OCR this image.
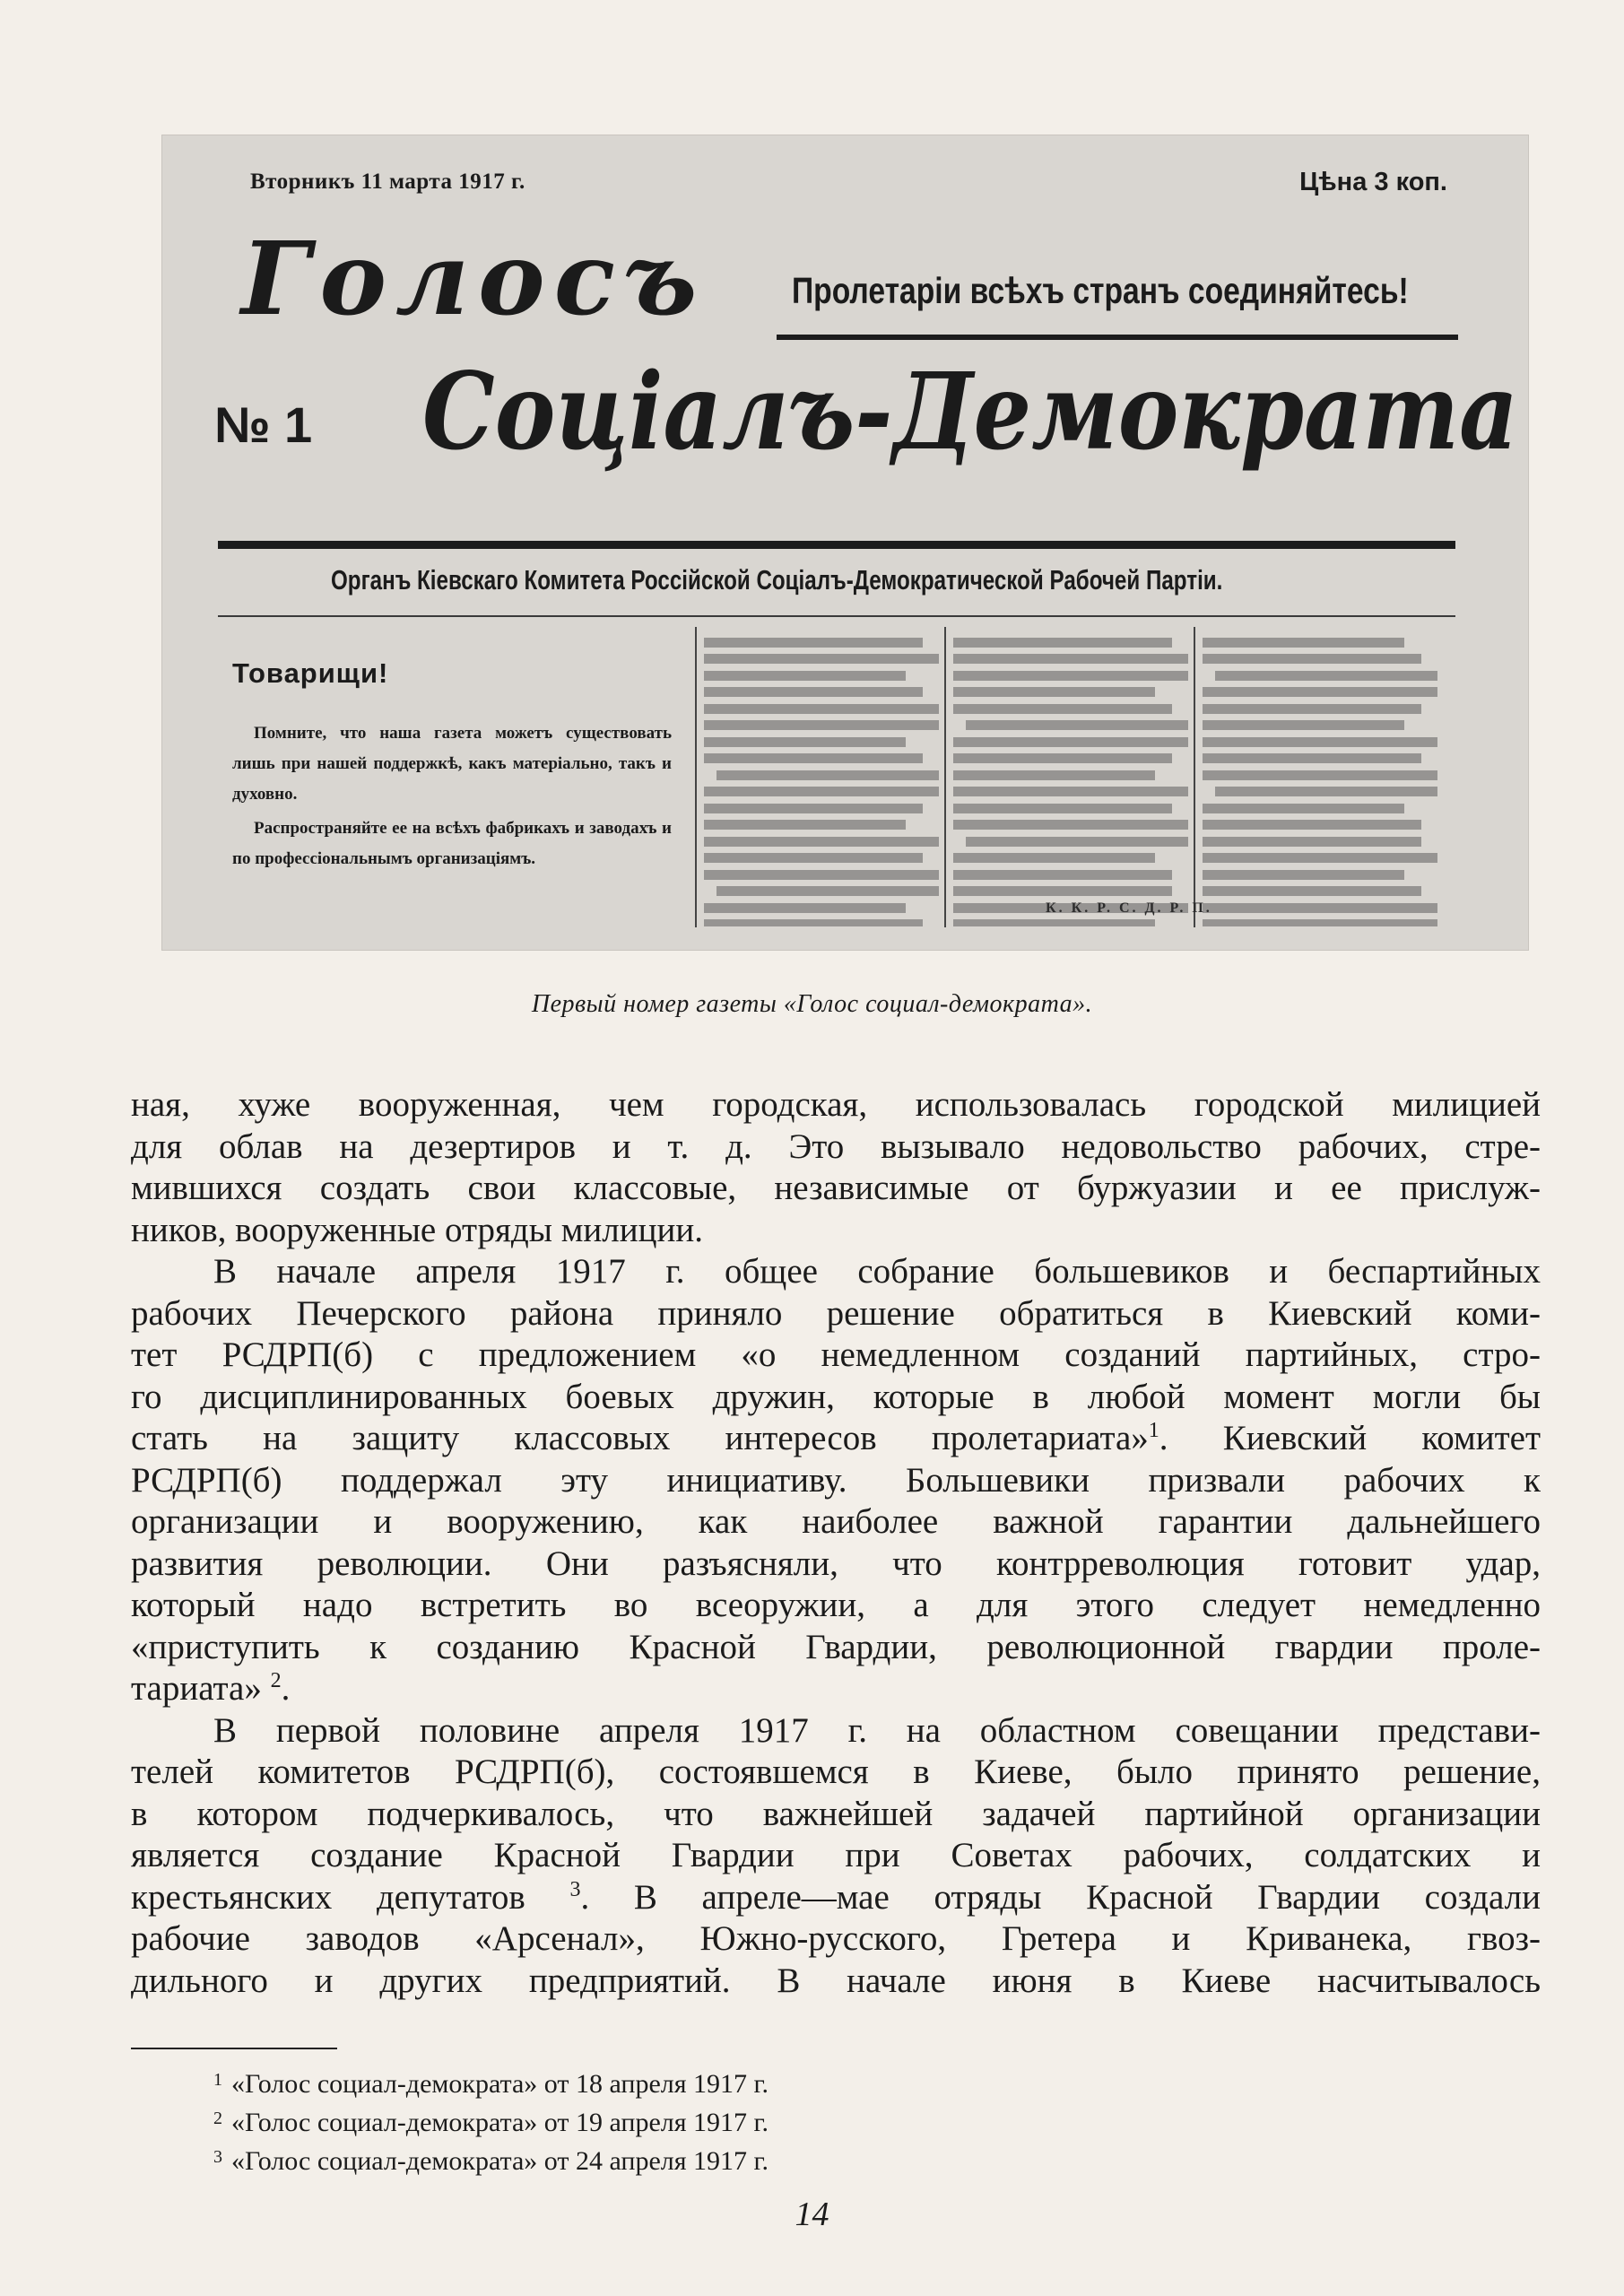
Вторникъ 11 марта 1917 г.	Цѣна 3 коп.
Голосъ Пролетаріи всѣхъ странъ соединяйтесь!
№ 1 Соціалъ-Демократа
Органъ Кіевскаго Комитета Россійской Соціалъ-Демократической Рабочей Партіи.
Товарищи!

Помните, что наша газета можетъ существовать лишь при нашей поддержкѣ, какъ матеріально, такъ и духовно.

Распространяйте ее на всѣхъ фабрикахъ и заводахъ и по профессіональнымъ организаціямъ.

К. К. Р. С. Д. Р. П.
Первый номер газеты «Голос социал-демократа».
ная, хуже вооруженная, чем городская, использовалась городской милицией
для облав на дезертиров и т. д. Это вызывало недовольство рабочих, стре-
мившихся создать свои классовые, независимые от буржуазии и ее прислуж-
ников, вооруженные отряды милиции.
В начале апреля 1917 г. общее собрание большевиков и беспартийных
рабочих Печерского района приняло решение обратиться в Киевский коми-
тет РСДРП(б) с предложением «о немедленном созданий партийных, стро-
го дисциплинированных боевых дружин, которые в любой момент могли бы
стать на защиту классовых интересов пролетариата»$^1$. Киевский комитет
РСДРП(б) поддержал эту инициативу. Большевики призвали рабочих к
организации и вооружению, как наиболее важной гарантии дальнейшего
развития революции. Они разъясняли, что контрреволюция готовит удар,
который надо встретить во всеоружии, а для этого следует немедленно
«приступить к созданию Красной Гвардии, революционной гвардии проле-
тариата» $^2$.
В первой половине апреля 1917 г. на областном совещании представи-
телей комитетов РСДРП(б), состоявшемся в Киеве, было принято решение,
в котором подчеркивалось, что важнейшей задачей партийной организации
является создание Красной Гвардии при Советах рабочих, солдатских и
крестьянских депутатов $^3$. В апреле—мае отряды Красной Гвардии создали
рабочие заводов «Арсенал», Южно-русского, Гретера и Криванека, гвоз-
дильного и других предприятий. В начале июня в Киеве насчитывалось
$^1$ «Голос социал-демократа» от 18 апреля 1917 г.
$^2$ «Голос социал-демократа» от 19 апреля 1917 г.
$^3$ «Голос социал-демократа» от 24 апреля 1917 г.
14
